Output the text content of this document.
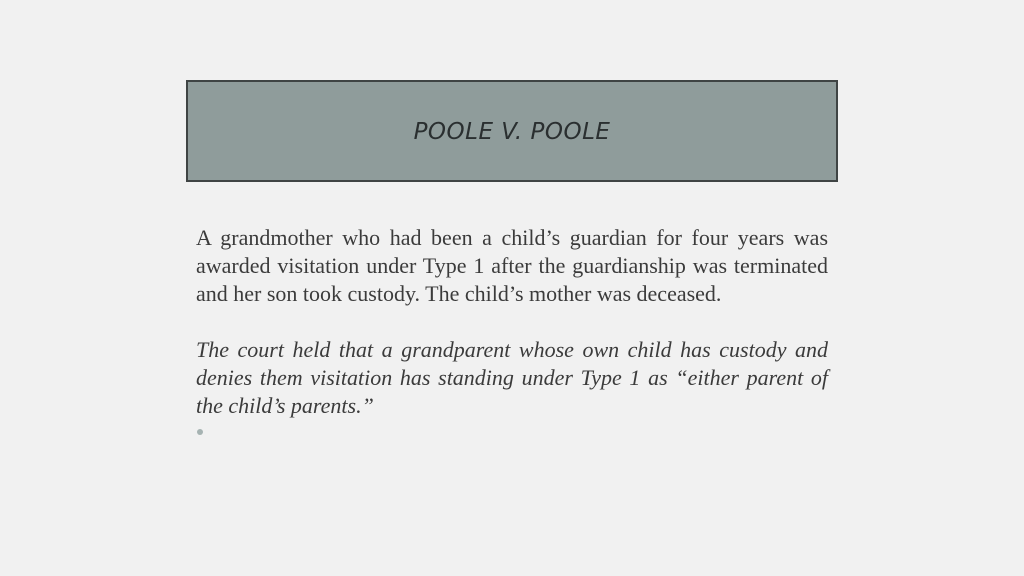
POOLE V. POOLE

A grandmother who had been a child’s guardian for four years was awarded visitation under Type 1 after the guardianship was terminated and her son took custody. The child’s mother was deceased.

The court held that a grandparent whose own child has custody and denies them visitation has standing under Type 1 as “either parent of the child’s parents.”
